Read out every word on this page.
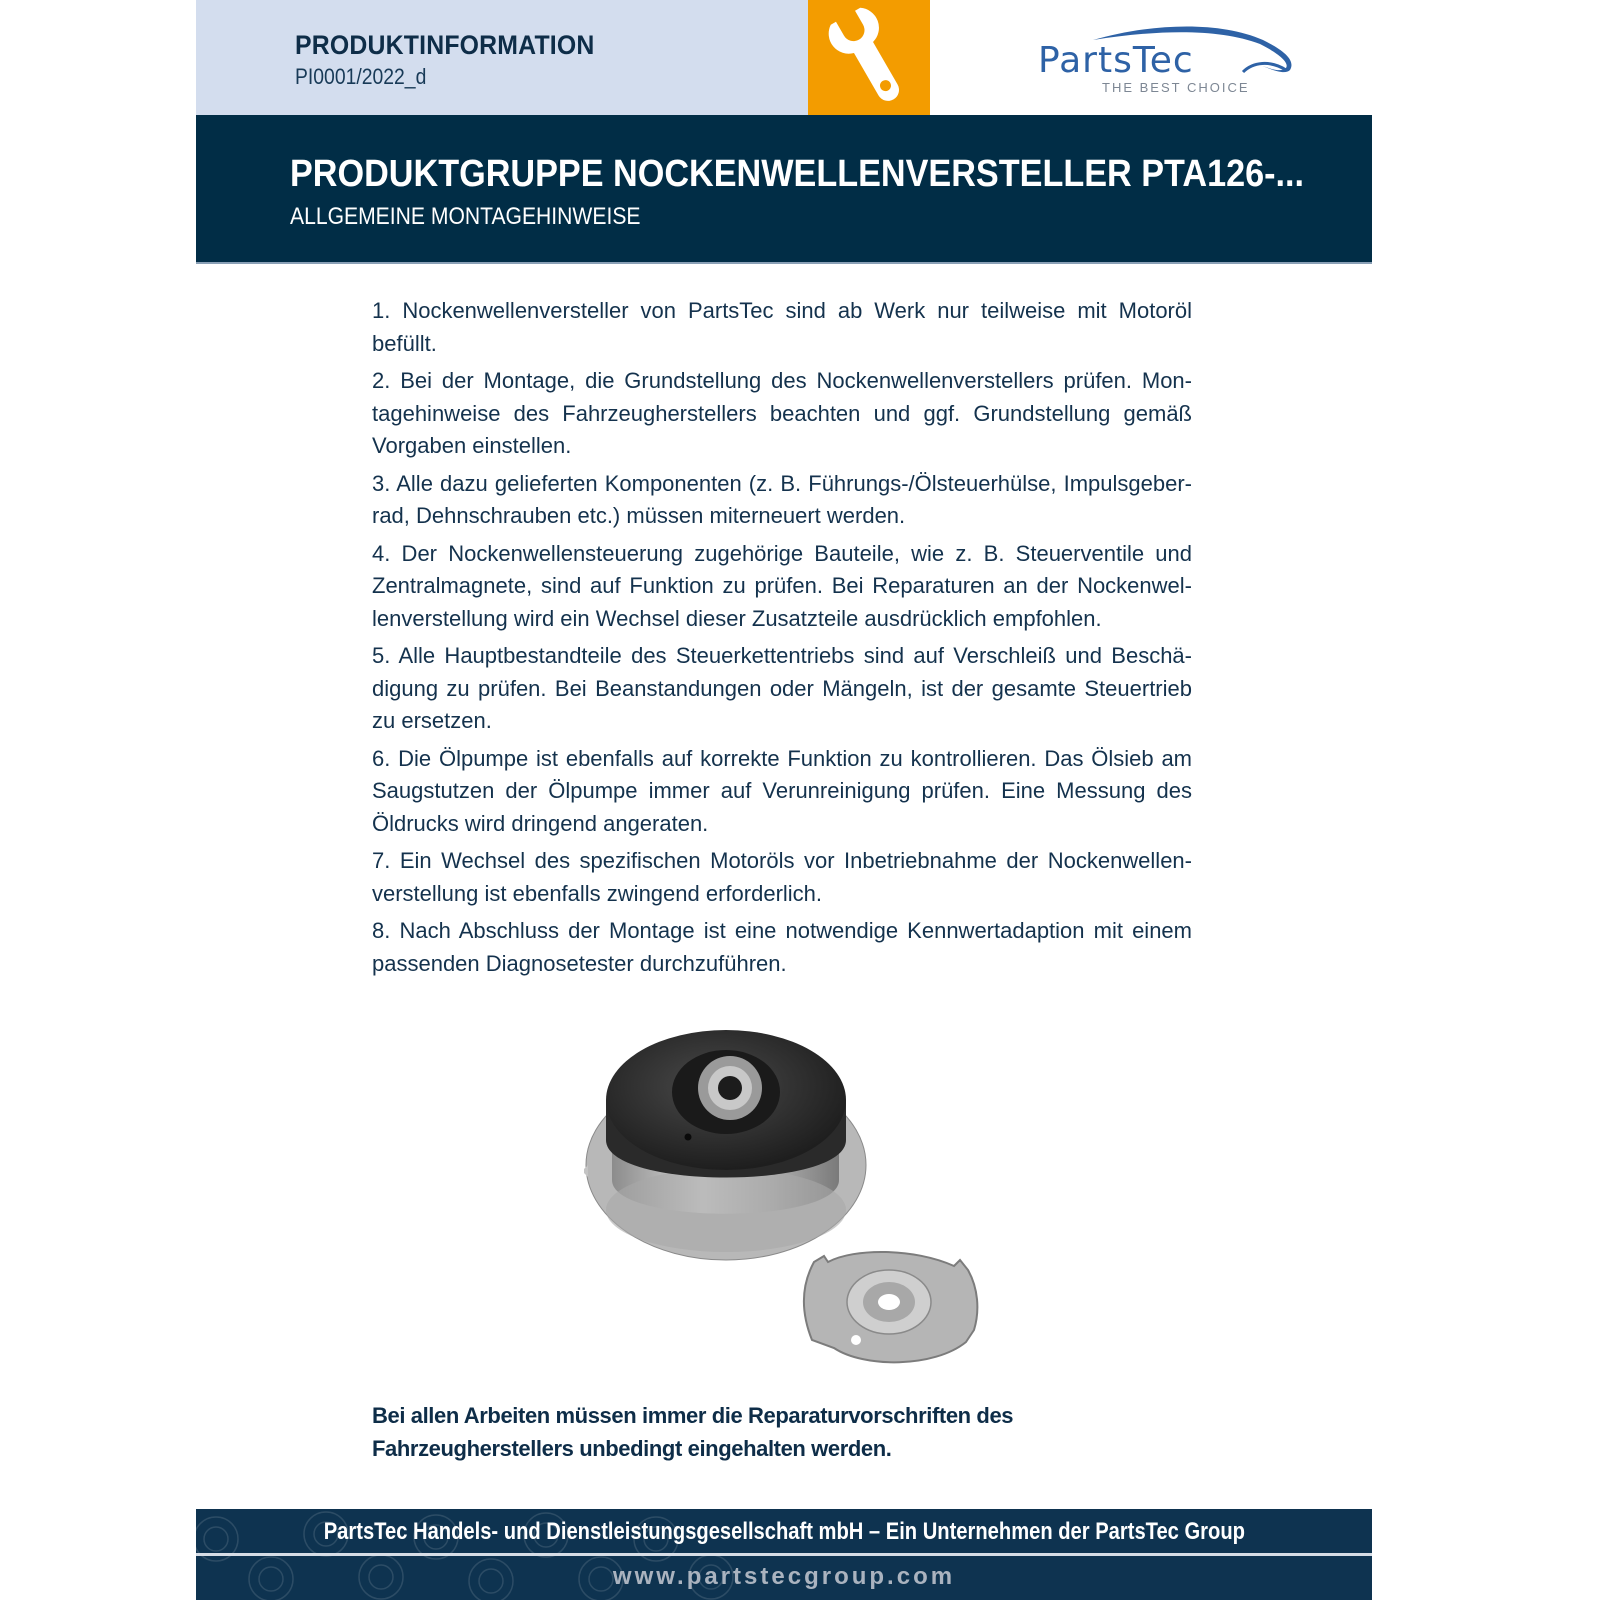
PRODUKTINFORMATION
PI0001/2022_d	PartsTec
THE BEST CHOICE
PRODUKTGRUPPE NOCKENWELLENVERSTELLER PTA126-...
ALLGEMEINE MONTAGEHINWEISE

1. Nockenwellenversteller von PartsTec sind ab Werk nur teilweise mit Motoröl befüllt.

2. Bei der Montage, die Grundstellung des Nockenwellenverstellers prüfen. Montagehinweise des Fahrzeugherstellers beachten und ggf. Grundstellung gemäß Vorgaben einstellen.

3. Alle dazu gelieferten Komponenten (z. B. Führungs-/Ölsteuerhülse, Impulsgeberrad, Dehnschrauben etc.) müssen miterneuert werden.

4. Der Nockenwellensteuerung zugehörige Bauteile, wie z. B. Steuerventile und Zentralmagnete, sind auf Funktion zu prüfen. Bei Reparaturen an der Nockenwellenverstellung wird ein Wechsel dieser Zusatzteile ausdrücklich empfohlen.

5. Alle Hauptbestandteile des Steuerkettentriebs sind auf Verschleiß und Beschädigung zu prüfen. Bei Beanstandungen oder Mängeln, ist der gesamte Steuertrieb zu ersetzen.

6. Die Ölpumpe ist ebenfalls auf korrekte Funktion zu kontrollieren. Das Ölsieb am Saugstutzen der Ölpumpe immer auf Verunreinigung prüfen. Eine Messung des Öldrucks wird dringend angeraten.

7. Ein Wechsel des spezifischen Motoröls vor Inbetriebnahme der Nockenwellenverstellung ist ebenfalls zwingend erforderlich.

8. Nach Abschluss der Montage ist eine notwendige Kennwertadaption mit einem passenden Diagnosetester durchzuführen.

Bei allen Arbeiten müssen immer die Reparaturvorschriften des Fahrzeugherstellers unbedingt eingehalten werden.
PartsTec Handels- und Dienstleistungsgesellschaft mbH – Ein Unternehmen der PartsTec Group
www.partstecgroup.com
